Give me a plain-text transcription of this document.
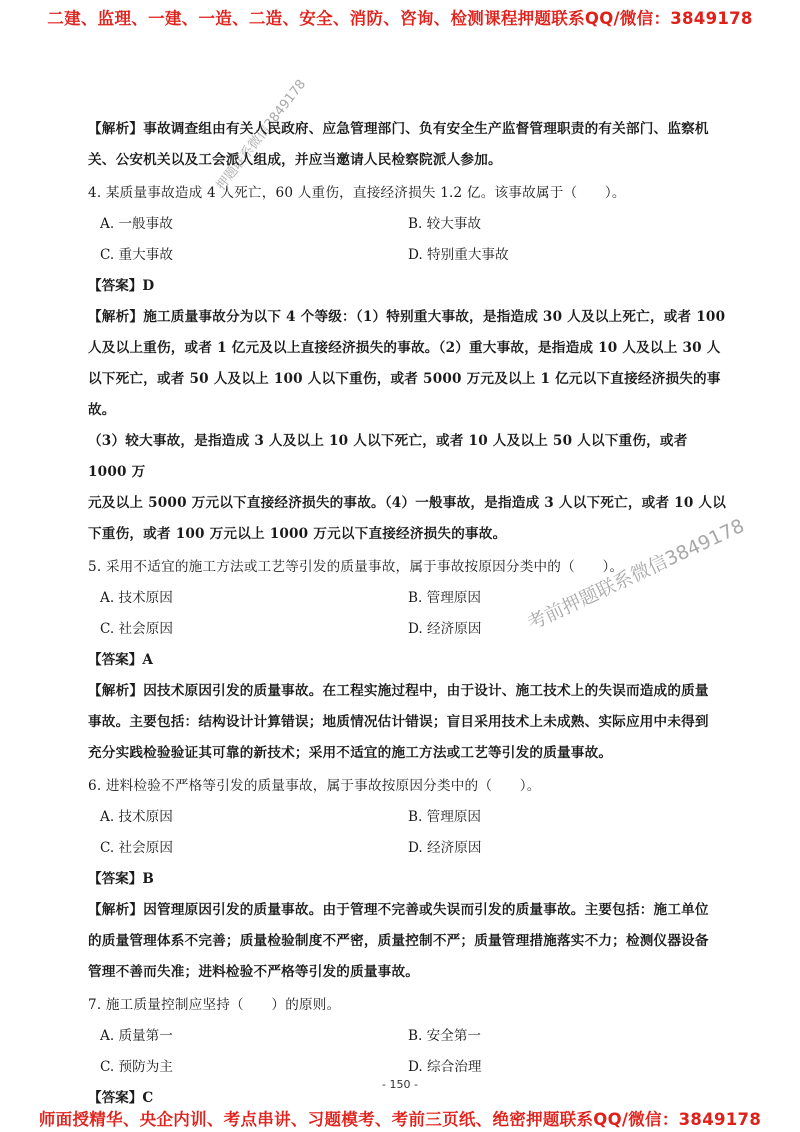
二建、监理、一建、一造、二造、安全、消防、咨询、检测课程押题联系QQ/微信：3849178
押题联系微信3849178
考前押题联系微信3849178
【解析】事故调查组由有关人民政府、应急管理部门、负有安全生产监督管理职责的有关部门、监察机
关、公安机关以及工会派人组成，并应当邀请人民检察院派人参加。
4. 某质量事故造成 4 人死亡，60 人重伤，直接经济损失 1.2 亿。该事故属于（　　）。
A. 一般事故	B. 较大事故
C. 重大事故	D. 特别重大事故
【答案】D
【解析】施工质量事故分为以下 4 个等级：（1）特别重大事故，是指造成 30 人及以上死亡，或者 100
人及以上重伤，或者 1 亿元及以上直接经济损失的事故。（2）重大事故，是指造成 10 人及以上 30 人
以下死亡，或者 50 人及以上 100 人以下重伤，或者 5000 万元及以上 1 亿元以下直接经济损失的事故。
（3）较大事故，是指造成 3 人及以上 10 人以下死亡，或者 10 人及以上 50 人以下重伤，或者 1000 万
元及以上 5000 万元以下直接经济损失的事故。（4）一般事故，是指造成 3 人以下死亡，或者 10 人以
下重伤，或者 100 万元以上 1000 万元以下直接经济损失的事故。
5. 采用不适宜的施工方法或工艺等引发的质量事故，属于事故按原因分类中的（　　）。
A. 技术原因	B. 管理原因
C. 社会原因	D. 经济原因
【答案】A
【解析】因技术原因引发的质量事故。在工程实施过程中，由于设计、施工技术上的失误而造成的质量
事故。主要包括：结构设计计算错误；地质情况估计错误；盲目采用技术上未成熟、实际应用中未得到
充分实践检验验证其可靠的新技术；采用不适宜的施工方法或工艺等引发的质量事故。
6. 进料检验不严格等引发的质量事故，属于事故按原因分类中的（　　）。
A. 技术原因	B. 管理原因
C. 社会原因	D. 经济原因
【答案】B
【解析】因管理原因引发的质量事故。由于管理不完善或失误而引发的质量事故。主要包括：施工单位
的质量管理体系不完善；质量检验制度不严密，质量控制不严；质量管理措施落实不力；检测仪器设备
管理不善而失准；进料检验不严格等引发的质量事故。
7. 施工质量控制应坚持（　　）的原则。
A. 质量第一	B. 安全第一
C. 预防为主	D. 综合治理
【答案】C
- 150 -
师面授精华、央企内训、考点串讲、习题模考、考前三页纸、绝密押题联系QQ/微信：3849178
